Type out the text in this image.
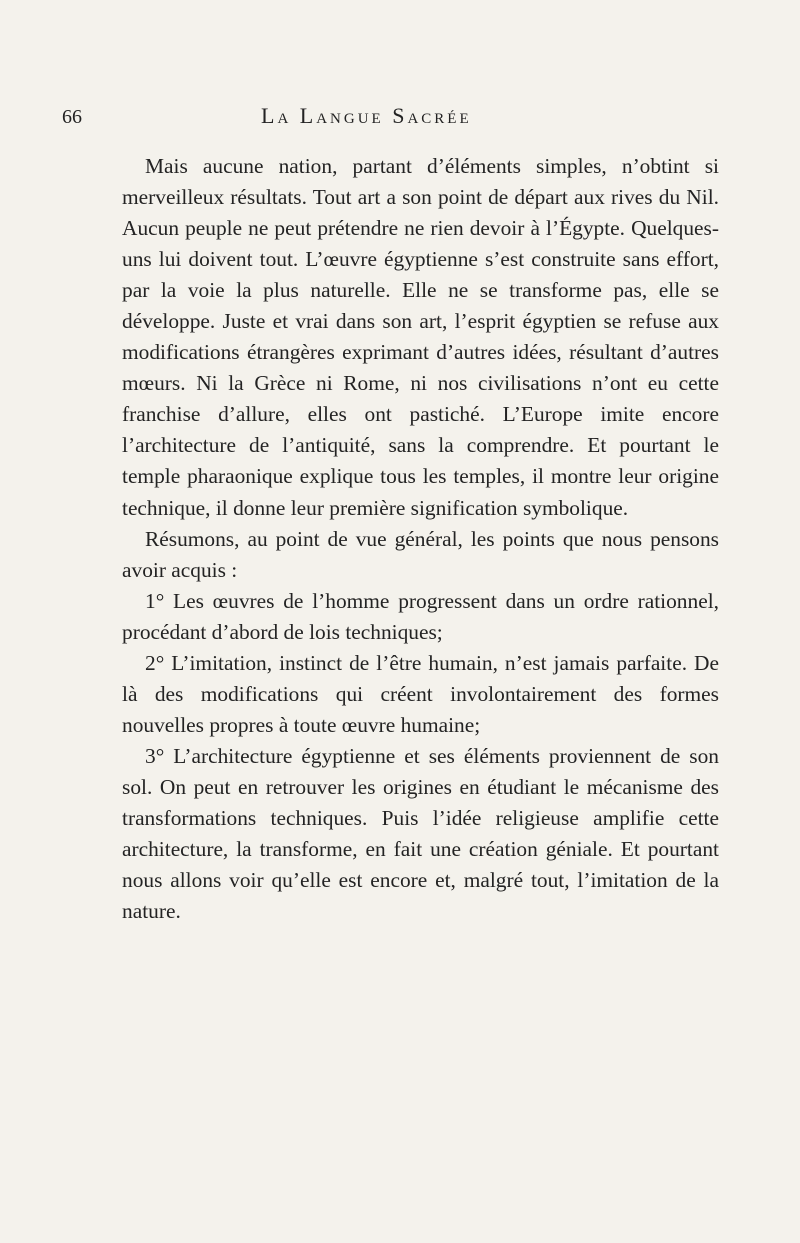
66	La Langue Sacrée

Mais aucune nation, partant d’éléments simples, n’obtint si merveilleux résultats. Tout art a son point de départ aux rives du Nil. Aucun peuple ne peut prétendre ne rien devoir à l’Égypte. Quelques-uns lui doivent tout. L’œuvre égyptienne s’est construite sans effort, par la voie la plus naturelle. Elle ne se transforme pas, elle se développe. Juste et vrai dans son art, l’esprit égyptien se refuse aux modifications étrangères exprimant d’autres idées, résultant d’autres mœurs. Ni la Grèce ni Rome, ni nos civilisations n’ont eu cette franchise d’allure, elles ont pastiché. L’Europe imite encore l’architecture de l’antiquité, sans la comprendre. Et pourtant le temple pharaonique explique tous les temples, il montre leur origine technique, il donne leur première signification symbolique.

Résumons, au point de vue général, les points que nous pensons avoir acquis :

1° Les œuvres de l’homme progressent dans un ordre rationnel, procédant d’abord de lois techniques;

2° L’imitation, instinct de l’être humain, n’est jamais parfaite. De là des modifications qui créent involontairement des formes nouvelles propres à toute œuvre humaine;

3° L’architecture égyptienne et ses éléments proviennent de son sol. On peut en retrouver les origines en étudiant le mécanisme des transformations techniques. Puis l’idée religieuse amplifie cette architecture, la transforme, en fait une création géniale. Et pourtant nous allons voir qu’elle est encore et, malgré tout, l’imitation de la nature.
